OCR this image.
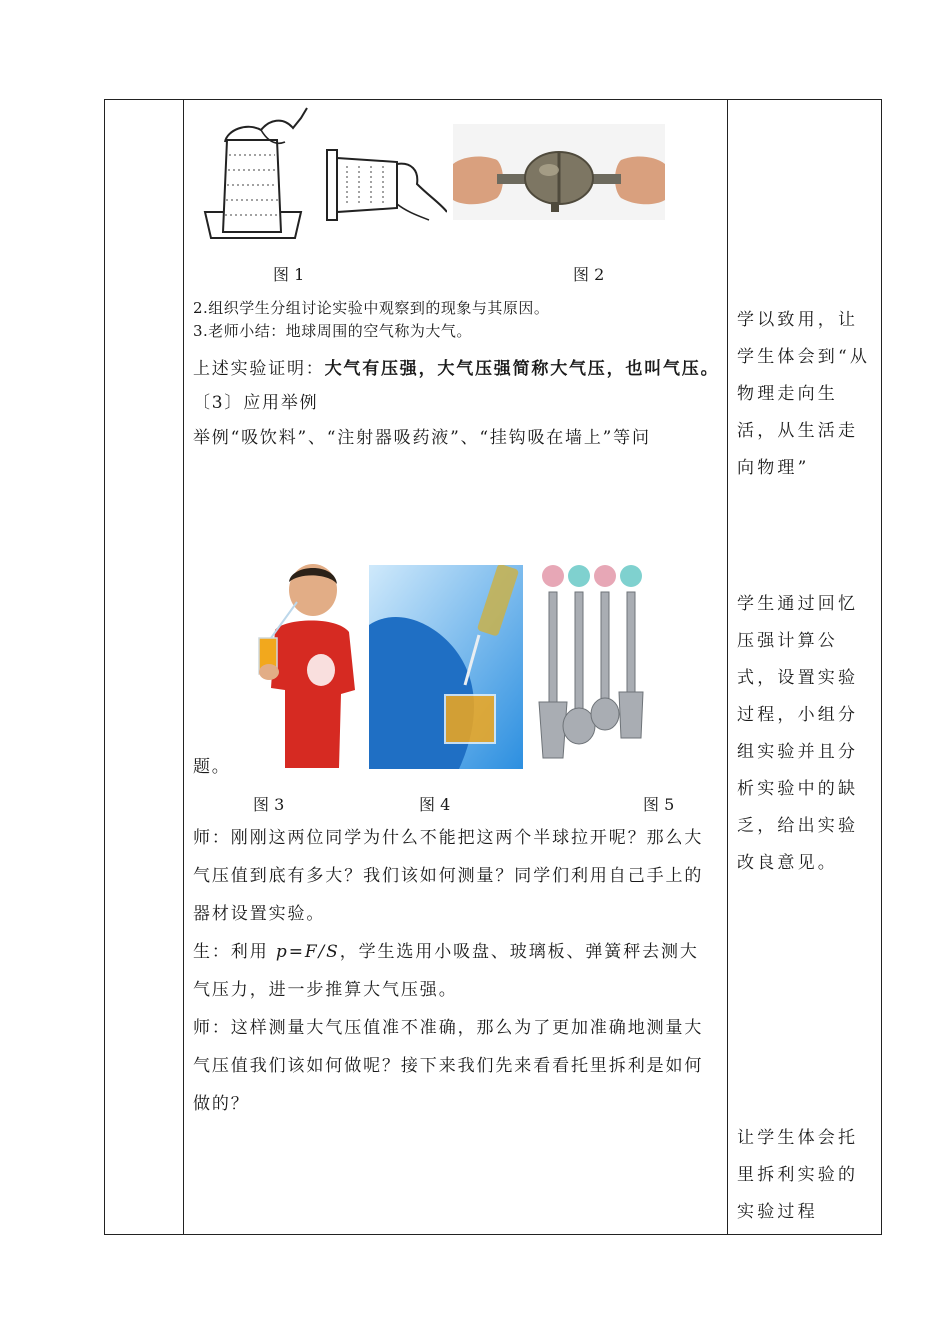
图 1	图 2
2.组织学生分组讨论实验中观察到的现象与其原因。
3.老师小结：地球周围的空气称为大气。
上述实验证明：大气有压强，大气压强简称大气压，也叫气压。
〔3〕应用举例
举例“吸饮料”、“注射器吸药液”、“挂钩吸在墙上”等问
题。
图 3	图 4	图 5
师：刚刚这两位同学为什么不能把这两个半球拉开呢？那么大气压值到底有多大？我们该如何测量？同学们利用自己手上的器材设置实验。
生：利用 p=F/S，学生选用小吸盘、玻璃板、弹簧秤去测大气压力，进一步推算大气压强。
师：这样测量大气压值准不准确，那么为了更加准确地测量大气压值我们该如何做呢？接下来我们先来看看托里拆利是如何做的？
学以致用，让学生体会到“从物理走向生活，从生活走向物理”
学生通过回忆压强计算公式，设置实验过程，小组分组实验并且分析实验中的缺乏，给出实验改良意见。
让学生体会托里拆利实验的实验过程
